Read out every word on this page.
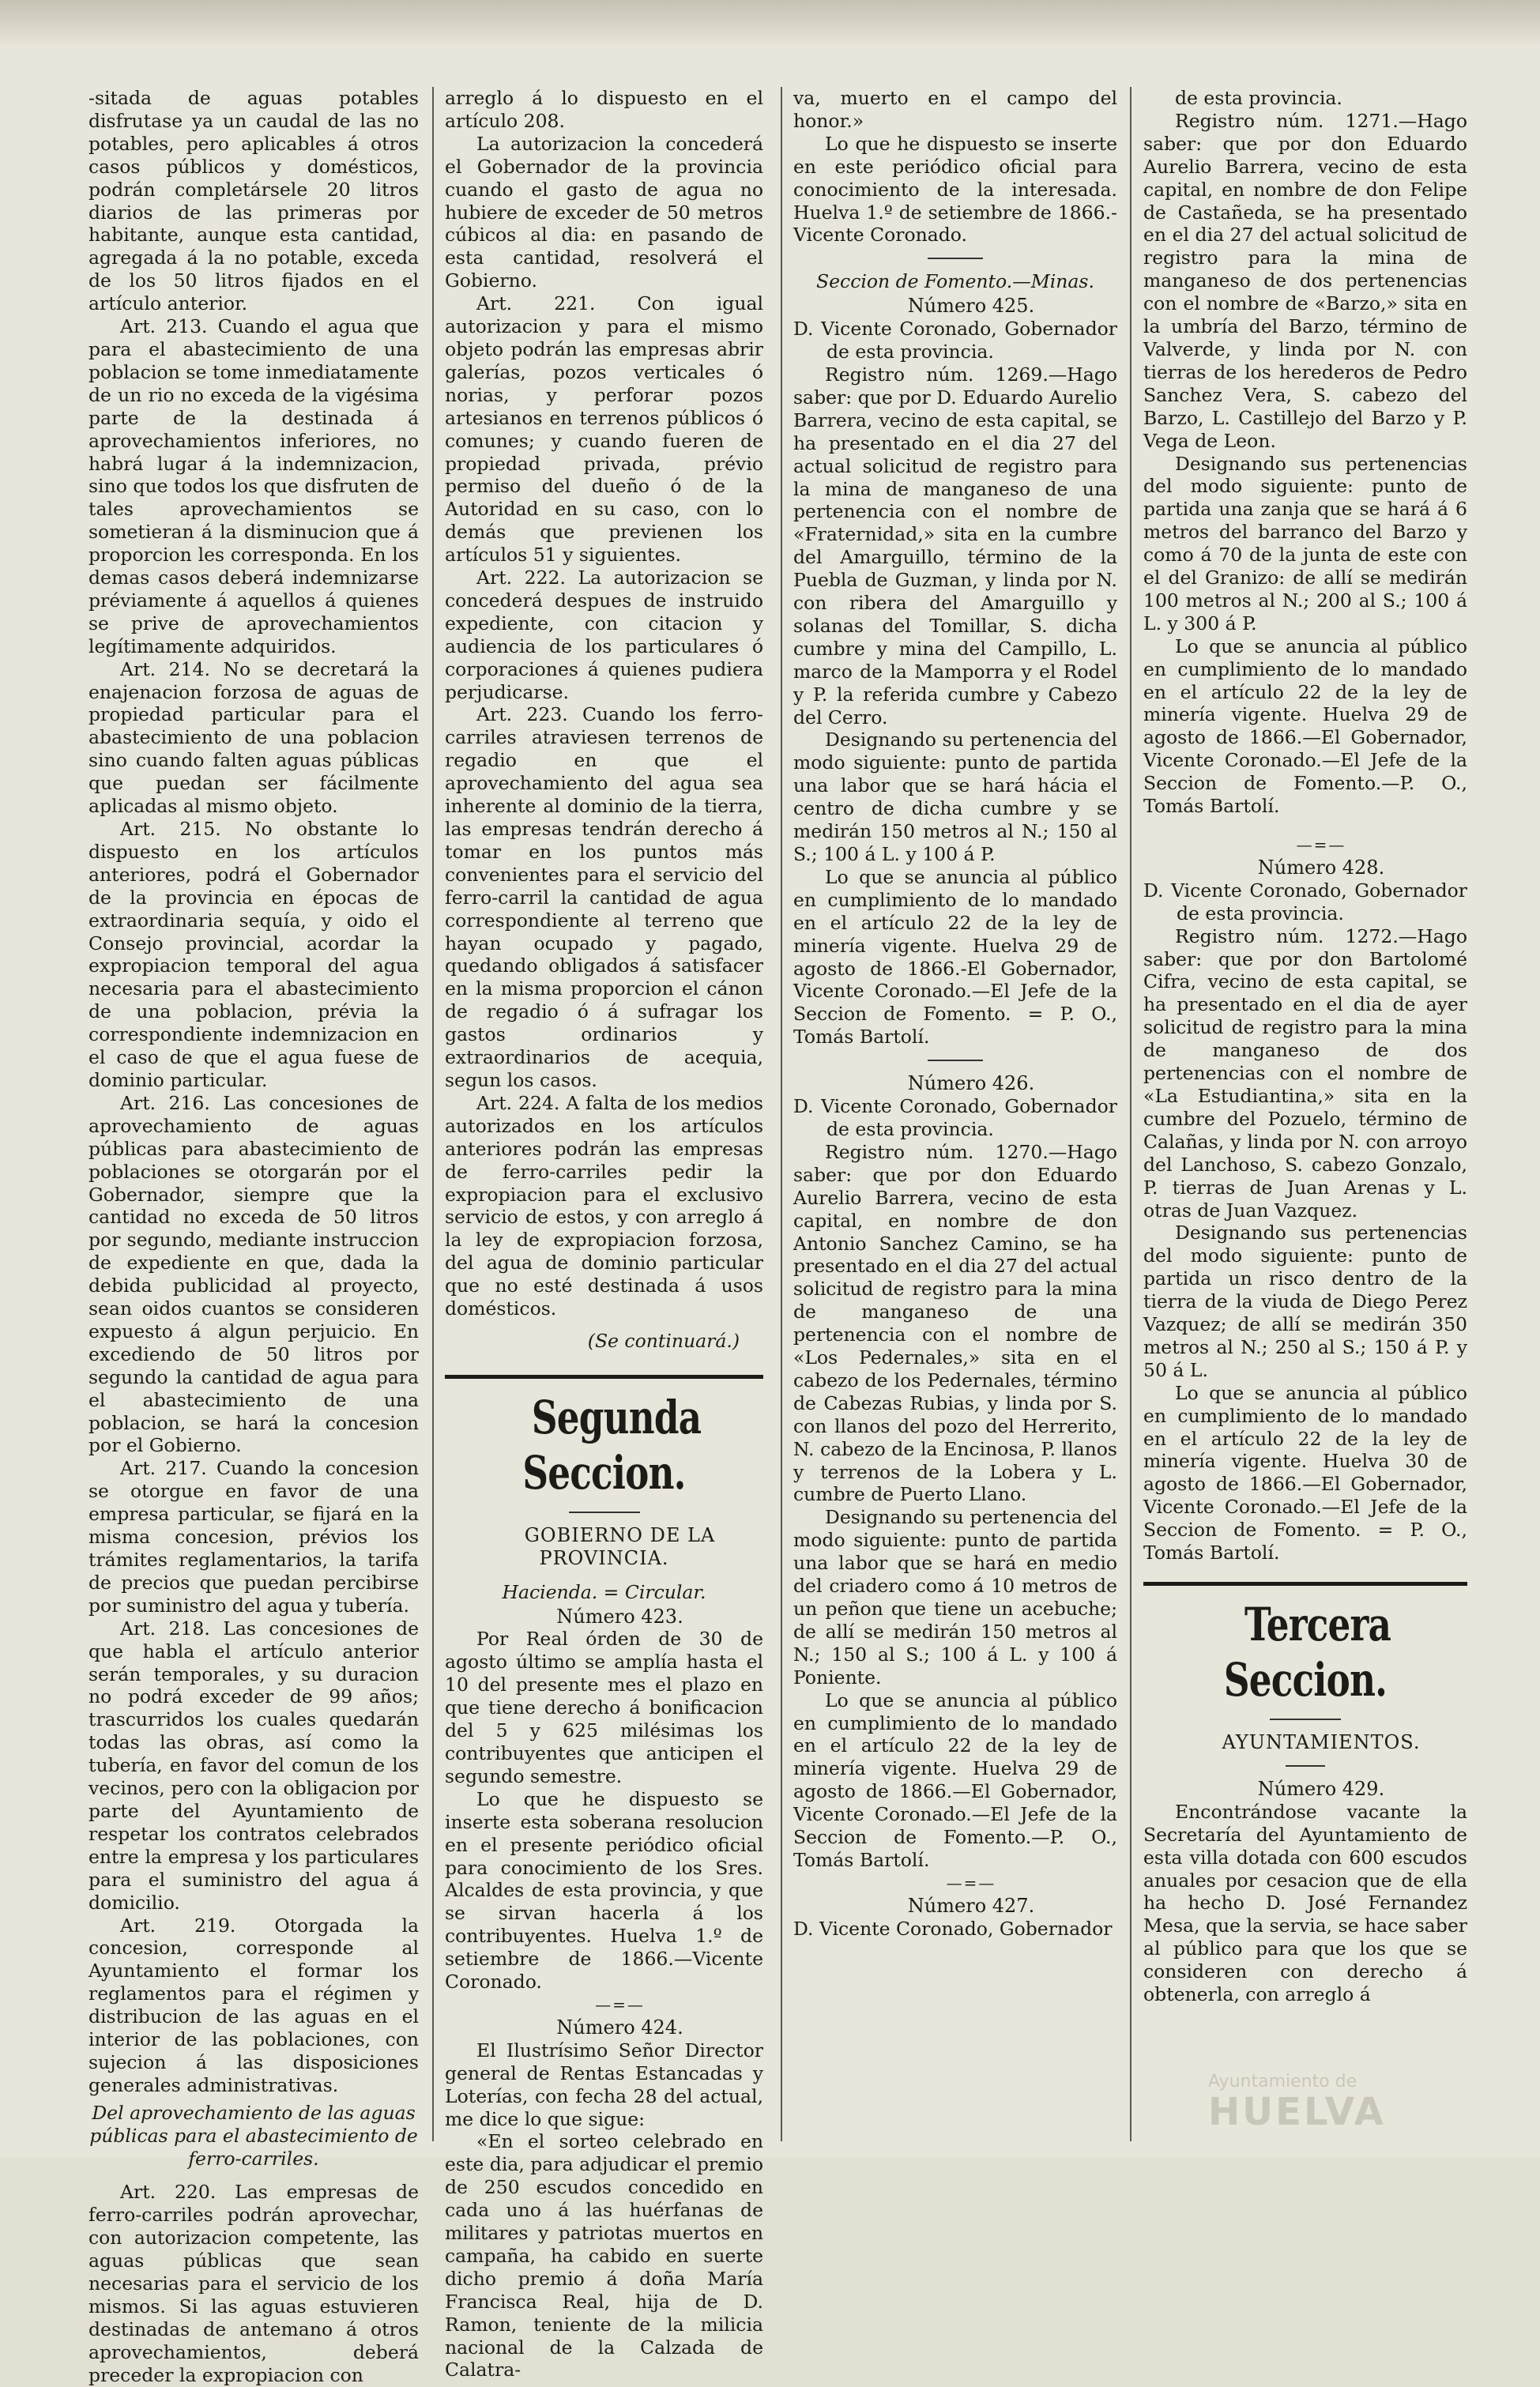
-sitada de aguas potables disfrutase ya un caudal de las no potables, pero aplicables á otros casos públicos y domésticos, podrán completársele 20 litros diarios de las primeras por habitante, aunque esta cantidad, agregada á la no potable, exceda de los 50 litros fijados en el artículo anterior.

Art. 213. Cuando el agua que para el abastecimiento de una poblacion se tome inmediatamente de un rio no exceda de la vigésima parte de la destinada á aprovechamientos inferiores, no habrá lugar á la indemnizacion, sino que todos los que disfruten de tales aprovechamientos se sometieran á la disminucion que á proporcion les corresponda. En los demas casos deberá indemnizarse préviamente á aquellos á quienes se prive de aprovechamientos legítimamente adquiridos.

Art. 214. No se decretará la enajenacion forzosa de aguas de propiedad particular para el abastecimiento de una poblacion sino cuando falten aguas públicas que puedan ser fácilmente aplicadas al mismo objeto.

Art. 215. No obstante lo dispuesto en los artículos anteriores, podrá el Gobernador de la provincia en épocas de extraordinaria sequía, y oido el Consejo provincial, acordar la expropiacion temporal del agua necesaria para el abastecimiento de una poblacion, prévia la correspondiente indemnizacion en el caso de que el agua fuese de dominio particular.

Art. 216. Las concesiones de aprovechamiento de aguas públicas para abastecimiento de poblaciones se otorgarán por el Gobernador, siempre que la cantidad no exceda de 50 litros por segundo, mediante instruccion de expediente en que, dada la debida publicidad al proyecto, sean oidos cuantos se consideren expuesto á algun perjuicio. En excediendo de 50 litros por segundo la cantidad de agua para el abastecimiento de una poblacion, se hará la concesion por el Gobierno.

Art. 217. Cuando la concesion se otorgue en favor de una empresa particular, se fijará en la misma concesion, prévios los trámites reglamentarios, la tarifa de precios que puedan percibirse por suministro del agua y tubería.

Art. 218. Las concesiones de que habla el artículo anterior serán temporales, y su duracion no podrá exceder de 99 años; trascurridos los cuales quedarán todas las obras, así como la tubería, en favor del comun de los vecinos, pero con la obligacion por parte del Ayuntamiento de respetar los contratos celebrados entre la empresa y los particulares para el suministro del agua á domicilio.

Art. 219. Otorgada la concesion, corresponde al Ayuntamiento el formar los reglamentos para el régimen y distribucion de las aguas en el interior de las poblaciones, con sujecion á las disposiciones generales administrativas.

Del aprovechamiento de las aguas públicas para el abastecimiento de ferro-carriles.

Art. 220. Las empresas de ferro-carriles podrán aprovechar, con autorizacion competente, las aguas públicas que sean necesarias para el servicio de los mismos. Si las aguas estuvieren destinadas de antemano á otros aprovechamientos, deberá preceder la expropiacion con

arreglo á lo dispuesto en el artículo 208.

La autorizacion la concederá el Gobernador de la provincia cuando el gasto de agua no hubiere de exceder de 50 metros cúbicos al dia: en pasando de esta cantidad, resolverá el Gobierno.

Art. 221. Con igual autorizacion y para el mismo objeto podrán las empresas abrir galerías, pozos verticales ó norias, y perforar pozos artesianos en terrenos públicos ó comunes; y cuando fueren de propiedad privada, prévio permiso del dueño ó de la Autoridad en su caso, con lo demás que previenen los artículos 51 y siguientes.

Art. 222. La autorizacion se concederá despues de instruido expediente, con citacion y audiencia de los particulares ó corporaciones á quienes pudiera perjudicarse.

Art. 223. Cuando los ferro-carriles atraviesen terrenos de regadio en que el aprovechamiento del agua sea inherente al dominio de la tierra, las empresas tendrán derecho á tomar en los puntos más convenientes para el servicio del ferro-carril la cantidad de agua correspondiente al terreno que hayan ocupado y pagado, quedando obligados á satisfacer en la misma proporcion el cánon de regadio ó á sufragar los gastos ordinarios y extraordinarios de acequia, segun los casos.

Art. 224. A falta de los medios autorizados en los artículos anteriores podrán las empresas de ferro-carriles pedir la expropiacion para el exclusivo servicio de estos, y con arreglo á la ley de expropiacion forzosa, del agua de dominio particular que no esté destinada á usos domésticos.

(Se continuará.)

Segunda Seccion.

GOBIERNO DE LA PROVINCIA.

Hacienda. = Circular.

Número 423.

Por Real órden de 30 de agosto último se amplía hasta el 10 del presente mes el plazo en que tiene derecho á bonificacion del 5 y 625 milésimas los contribuyentes que anticipen el segundo semestre.

Lo que he dispuesto se inserte esta soberana resolucion en el presente periódico oficial para conocimiento de los Sres. Alcaldes de esta provincia, y que se sirvan hacerla á los contribuyentes. Huelva 1.º de setiembre de 1866.—Vicente Coronado.

—=—

Número 424.

El Ilustrísimo Señor Director general de Rentas Estancadas y Loterías, con fecha 28 del actual, me dice lo que sigue:

«En el sorteo celebrado en este dia, para adjudicar el premio de 250 escudos concedido en cada uno á las huérfanas de militares y patriotas muertos en campaña, ha cabido en suerte dicho premio á doña María Francisca Real, hija de D. Ramon, teniente de la milicia nacional de la Calzada de Calatra-

va, muerto en el campo del honor.»

Lo que he dispuesto se inserte en este periódico oficial para conocimiento de la interesada. Huelva 1.º de setiembre de 1866.-Vicente Coronado.

Seccion de Fomento.—Minas.

Número 425.

D. Vicente Coronado, Gobernador de esta provincia.

Registro núm. 1269.—Hago saber: que por D. Eduardo Aurelio Barrera, vecino de esta capital, se ha presentado en el dia 27 del actual solicitud de registro para la mina de manganeso de una pertenencia con el nombre de «Fraternidad,» sita en la cumbre del Amarguillo, término de la Puebla de Guzman, y linda por N. con ribera del Amarguillo y solanas del Tomillar, S. dicha cumbre y mina del Campillo, L. marco de la Mamporra y el Rodel y P. la referida cumbre y Cabezo del Cerro.

Designando su pertenencia del modo siguiente: punto de partida una labor que se hará hácia el centro de dicha cumbre y se medirán 150 metros al N.; 150 al S.; 100 á L. y 100 á P.

Lo que se anuncia al público en cumplimiento de lo mandado en el artículo 22 de la ley de minería vigente. Huelva 29 de agosto de 1866.-El Gobernador, Vicente Coronado.—El Jefe de la Seccion de Fomento. = P. O., Tomás Bartolí.

Número 426.

D. Vicente Coronado, Gobernador de esta provincia.

Registro núm. 1270.—Hago saber: que por don Eduardo Aurelio Barrera, vecino de esta capital, en nombre de don Antonio Sanchez Camino, se ha presentado en el dia 27 del actual solicitud de registro para la mina de manganeso de una pertenencia con el nombre de «Los Pedernales,» sita en el cabezo de los Pedernales, término de Cabezas Rubias, y linda por S. con llanos del pozo del Herrerito, N. cabezo de la Encinosa, P. llanos y terrenos de la Lobera y L. cumbre de Puerto Llano.

Designando su pertenencia del modo siguiente: punto de partida una labor que se hará en medio del criadero como á 10 metros de un peñon que tiene un acebuche; de allí se medirán 150 metros al N.; 150 al S.; 100 á L. y 100 á Poniente.

Lo que se anuncia al público en cumplimiento de lo mandado en el artículo 22 de la ley de minería vigente. Huelva 29 de agosto de 1866.—El Gobernador, Vicente Coronado.—El Jefe de la Seccion de Fomento.—P. O., Tomás Bartolí.

—=—

Número 427.

D. Vicente Coronado, Gobernador

de esta provincia.

Registro núm. 1271.—Hago saber: que por don Eduardo Aurelio Barrera, vecino de esta capital, en nombre de don Felipe de Castañeda, se ha presentado en el dia 27 del actual solicitud de registro para la mina de manganeso de dos pertenencias con el nombre de «Barzo,» sita en la umbría del Barzo, término de Valverde, y linda por N. con tierras de los herederos de Pedro Sanchez Vera, S. cabezo del Barzo, L. Castillejo del Barzo y P. Vega de Leon.

Designando sus pertenencias del modo siguiente: punto de partida una zanja que se hará á 6 metros del barranco del Barzo y como á 70 de la junta de este con el del Granizo: de allí se medirán 100 metros al N.; 200 al S.; 100 á L. y 300 á P.

Lo que se anuncia al público en cumplimiento de lo mandado en el artículo 22 de la ley de minería vigente. Huelva 29 de agosto de 1866.—El Gobernador, Vicente Coronado.—El Jefe de la Seccion de Fomento.—P. O., Tomás Bartolí.

—=—

Número 428.

D. Vicente Coronado, Gobernador de esta provincia.

Registro núm. 1272.—Hago saber: que por don Bartolomé Cifra, vecino de esta capital, se ha presentado en el dia de ayer solicitud de registro para la mina de manganeso de dos pertenencias con el nombre de «La Estudiantina,» sita en la cumbre del Pozuelo, término de Calañas, y linda por N. con arroyo del Lanchoso, S. cabezo Gonzalo, P. tierras de Juan Arenas y L. otras de Juan Vazquez.

Designando sus pertenencias del modo siguiente: punto de partida un risco dentro de la tierra de la viuda de Diego Perez Vazquez; de allí se medirán 350 metros al N.; 250 al S.; 150 á P. y 50 á L.

Lo que se anuncia al público en cumplimiento de lo mandado en el artículo 22 de la ley de minería vigente. Huelva 30 de agosto de 1866.—El Gobernador, Vicente Coronado.—El Jefe de la Seccion de Fomento. = P. O., Tomás Bartolí.

Tercera Seccion.

AYUNTAMIENTOS.

Número 429.

Encontrándose vacante la Secretaría del Ayuntamiento de esta villa dotada con 600 escudos anuales por cesacion que de ella ha hecho D. José Fernandez Mesa, que la servia, se hace saber al público para que los que se consideren con derecho á obtenerla, con arreglo á

Ayuntamiento de
HUELVA
